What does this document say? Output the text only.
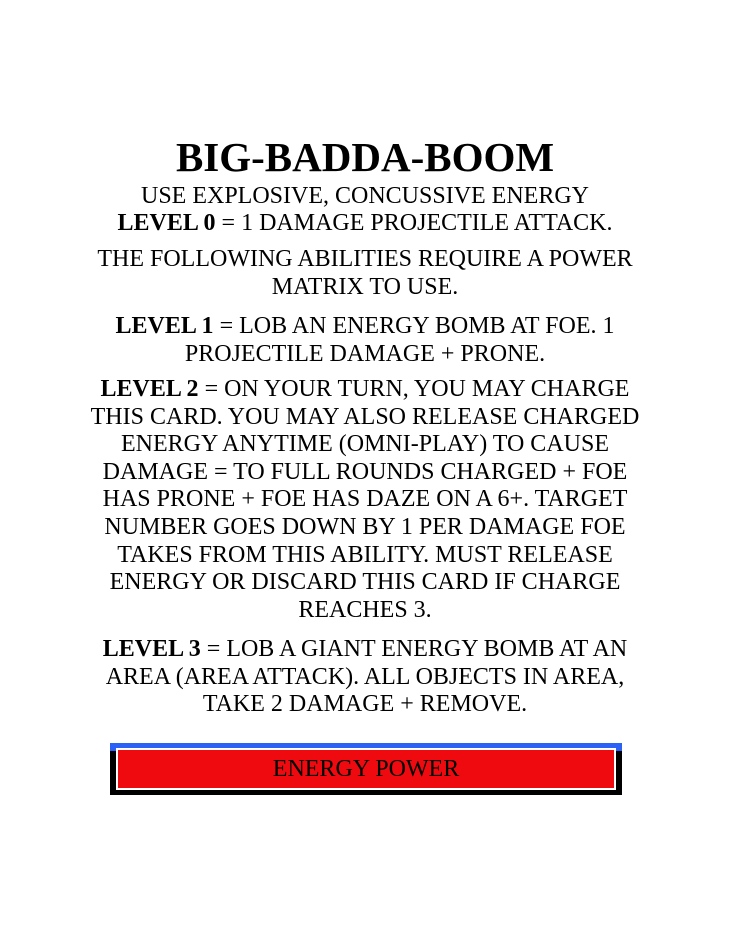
BIG-BADDA-BOOM

USE EXPLOSIVE, CONCUSSIVE ENERGY

LEVEL 0 = 1 DAMAGE PROJECTILE ATTACK.

THE FOLLOWING ABILITIES REQUIRE A POWER MATRIX TO USE.

LEVEL 1 = LOB AN ENERGY BOMB AT FOE. 1 PROJECTILE DAMAGE + PRONE.

LEVEL 2 = ON YOUR TURN, YOU MAY CHARGE THIS CARD. YOU MAY ALSO RELEASE CHARGED ENERGY ANYTIME (OMNI-PLAY) TO CAUSE DAMAGE = TO FULL ROUNDS CHARGED + FOE HAS PRONE + FOE HAS DAZE ON A 6+. TARGET NUMBER GOES DOWN BY 1 PER DAMAGE FOE TAKES FROM THIS ABILITY. MUST RELEASE ENERGY OR DISCARD THIS CARD IF CHARGE REACHES 3.

LEVEL 3 = LOB A GIANT ENERGY BOMB AT AN AREA (AREA ATTACK). ALL OBJECTS IN AREA, TAKE 2 DAMAGE + REMOVE.

ENERGY POWER
